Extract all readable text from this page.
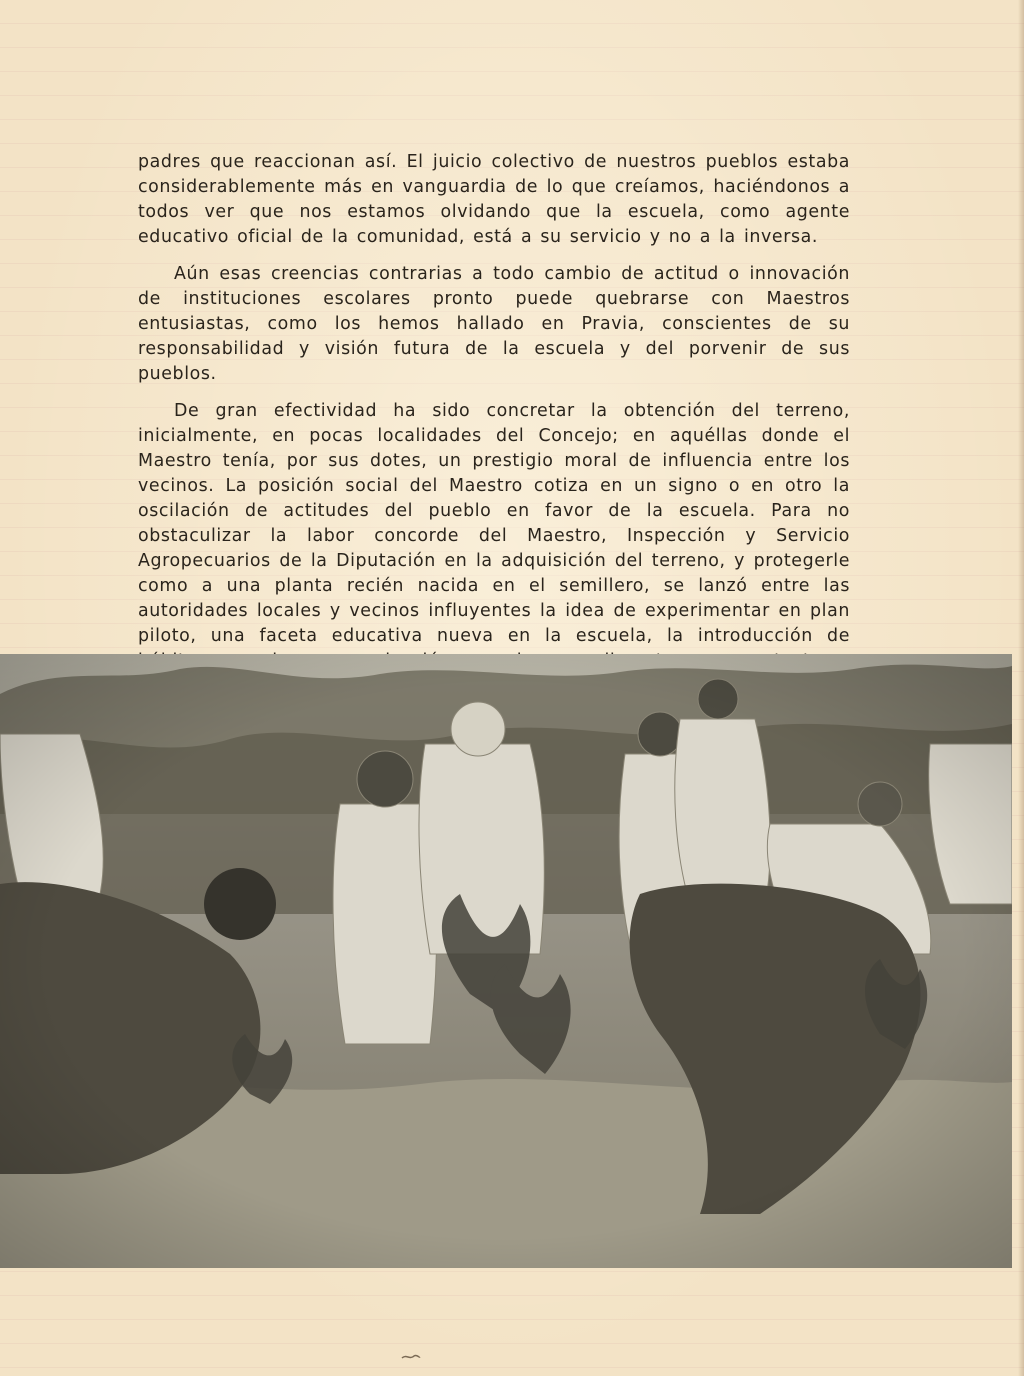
padres que reaccionan así. El juicio colectivo de nuestros pueblos estaba considerablemente más en vanguardia de lo que creíamos, haciéndonos a todos ver que nos estamos olvidando que la escuela, como agente educativo oficial de la comunidad, está a su servicio y no a la inversa.

Aún esas creencias contrarias a todo cambio de actitud o innovación de instituciones escolares pronto puede quebrarse con Maestros entusiastas, como los hemos hallado en Pravia, conscientes de su responsabilidad y visión futura de la escuela y del porvenir de sus pueblos.

De gran efectividad ha sido concretar la obtención del terreno, inicialmente, en pocas localidades del Concejo; en aquéllas donde el Maestro tenía, por sus dotes, un prestigio moral de influencia entre los vecinos. La posición social del Maestro cotiza en un signo o en otro la oscilación de actitudes del pueblo en favor de la escuela. Para no obstaculizar la labor concorde del Maestro, Inspección y Servicio Agropecuarios de la Diputación en la adquisición del terreno, y protegerle como a una planta recién nacida en el semillero, se lanzó entre las autoridades locales y vecinos influyentes la idea de experimentar en plan piloto, una faceta educativa nueva en la escuela, la introducción de
